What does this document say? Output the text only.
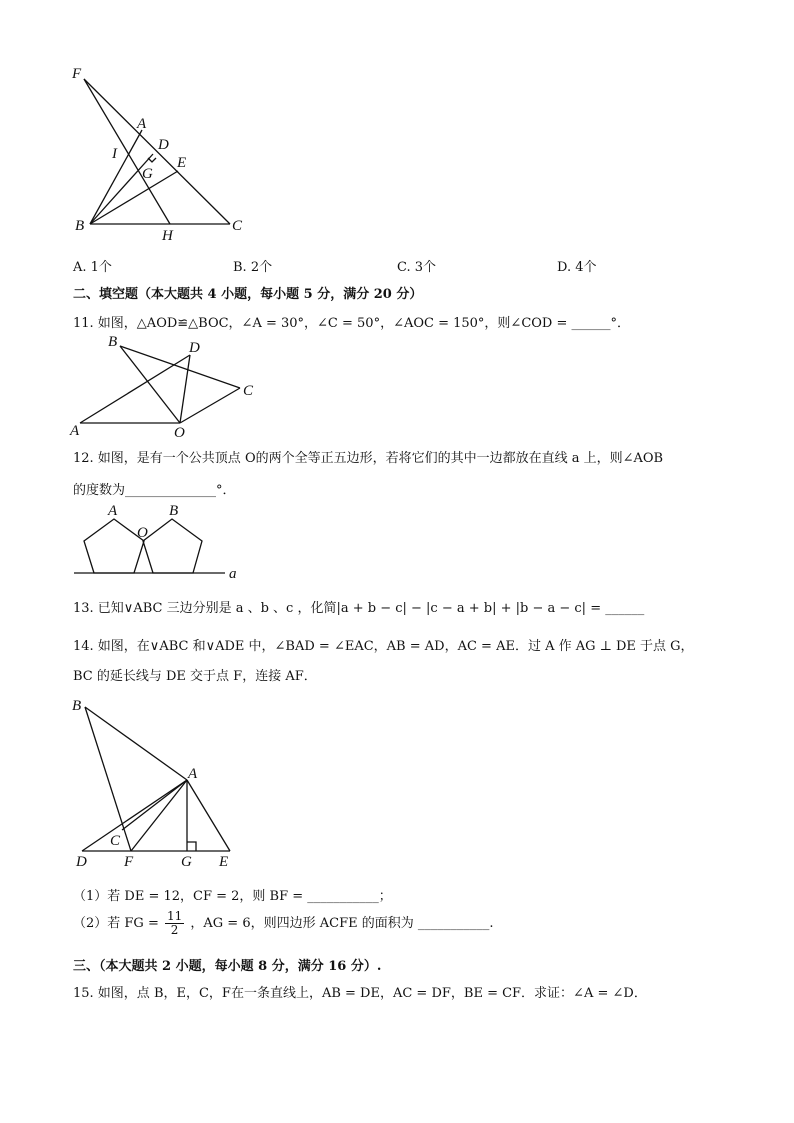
F
A
D
I
E
G
B
H
C
A. 1个	B. 2个	C. 3个	D. 4个
二、填空题（本大题共 4 小题，每小题 5 分，满分 20 分）
11. 如图，△AOD≌△BOC，∠A = 30°，∠C = 50°，∠AOC = 150°，则∠COD = ______°．
B	D
C
A	O
12. 如图，是有一个公共顶点 O的两个全等正五边形，若将它们的其中一边都放在直线 a 上，则∠AOB
的度数为______________°．
A
O
B
a
13. 已知∨ABC 三边分别是 a 、b 、c ，化简|a + b − c| − |c − a + b| + |b − a − c| = ______
14. 如图，在∨ABC 和∨ADE 中，∠BAD = ∠EAC，AB = AD，AC = AE．过 A 作 AG ⊥ DE 于点 G，
BC 的延长线与 DE 交于点 F，连接 AF．
B
A
C
D F	G E
（1）若 DE = 12，CF = 2，则 BF = ___________；
（2）若 FG = $\frac{11}{2}$ ，AG = 6，则四边形 ACFE 的面积为 ___________.
三、（本大题共 2 小题，每小题 8 分，满分 16 分）.
15. 如图，点 B，E，C，F在一条直线上，AB = DE，AC = DF，BE = CF．求证：∠A = ∠D．
